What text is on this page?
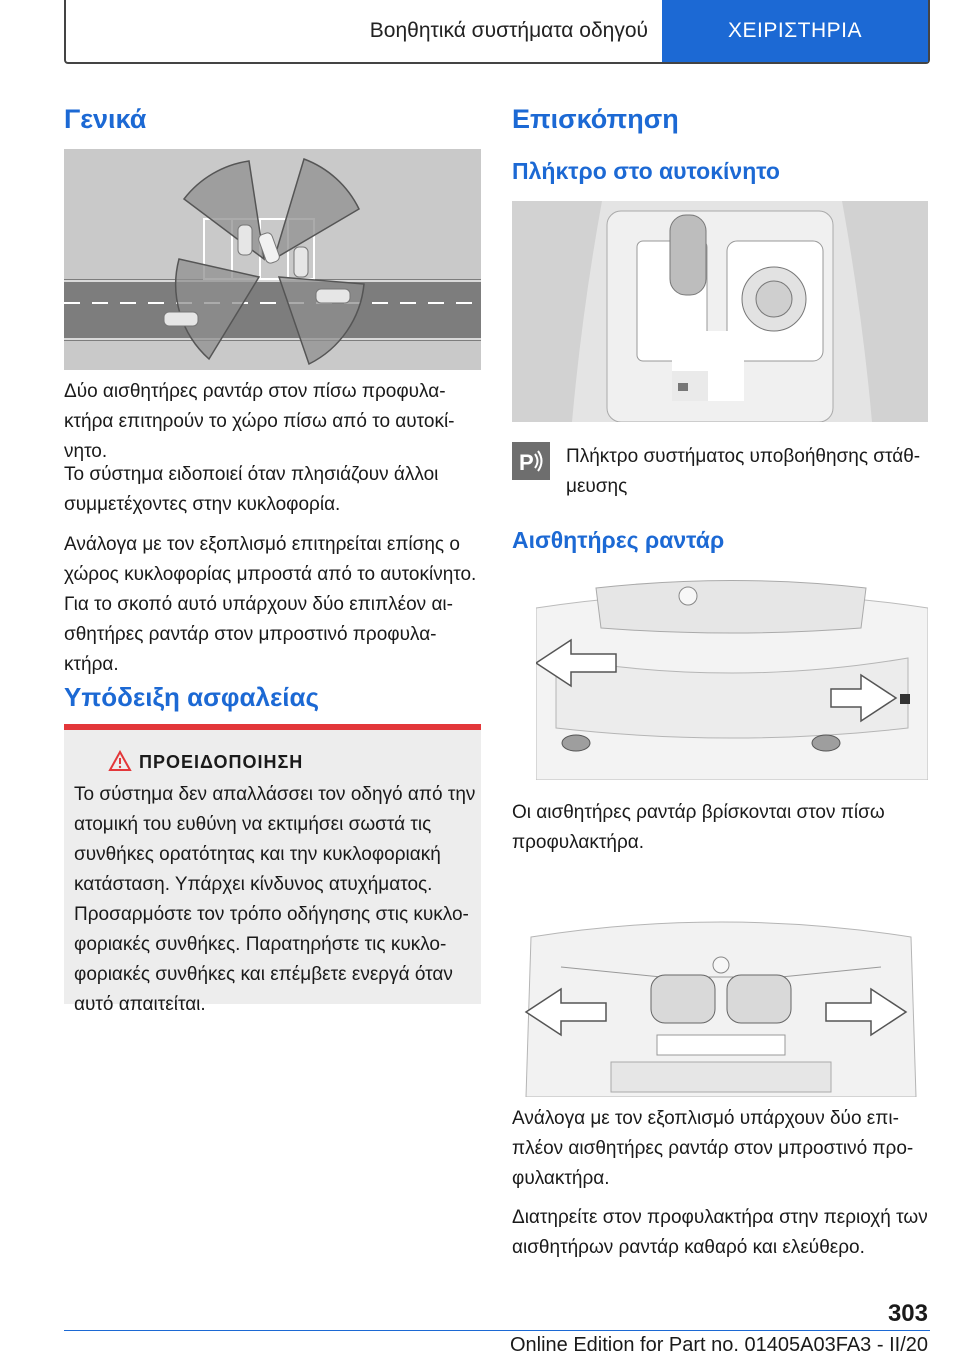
Βοηθητικά συστήματα οδηγού	ΧΕΙΡΙΣΤΗΡΙΑ
Γενικά

Δύο αισθητήρες ραντάρ στον πίσω προφυλα-κτήρα επιτηρούν το χώρο πίσω από το αυτοκί-νητο.

Το σύστημα ειδοποιεί όταν πλησιάζουν άλλοι συμμετέχοντες στην κυκλοφορία.

Ανάλογα με τον εξοπλισμό επιτηρείται επίσης ο χώρος κυκλοφορίας μπροστά από το αυτοκίνητο. Για το σκοπό αυτό υπάρχουν δύο επιπλέον αι-σθητήρες ραντάρ στον μπροστινό προφυλα-κτήρα.

Υπόδειξη ασφαλείας
ΠΡΟΕΙΔΟΠΟΙΗΣΗ

Το σύστημα δεν απαλλάσσει τον οδηγό από την ατομική του ευθύνη να εκτιμήσει σωστά τις συνθήκες ορατότητας και την κυκλοφοριακή κατάσταση. Υπάρχει κίνδυνος ατυχήματος. Προσαρμόστε τον τρόπο οδήγησης στις κυκλο-φοριακές συνθήκες. Παρατηρήστε τις κυκλο-φοριακές συνθήκες και επέμβετε ενεργά όταν αυτό απαιτείται.

Επισκόπηση
Πλήκτρο στο αυτοκίνητο
P Πλήκτρο συστήματος υποβοήθησης στάθ-μευσης

Αισθητήρες ραντάρ

Οι αισθητήρες ραντάρ βρίσκονται στον πίσω προφυλακτήρα.

Ανάλογα με τον εξοπλισμό υπάρχουν δύο επι-πλέον αισθητήρες ραντάρ στον μπροστινό προ-φυλακτήρα.

Διατηρείτε στον προφυλακτήρα στην περιοχή των αισθητήρων ραντάρ καθαρό και ελεύθερο.

303
Online Edition for Part no. 01405A03FA3 - II/20
